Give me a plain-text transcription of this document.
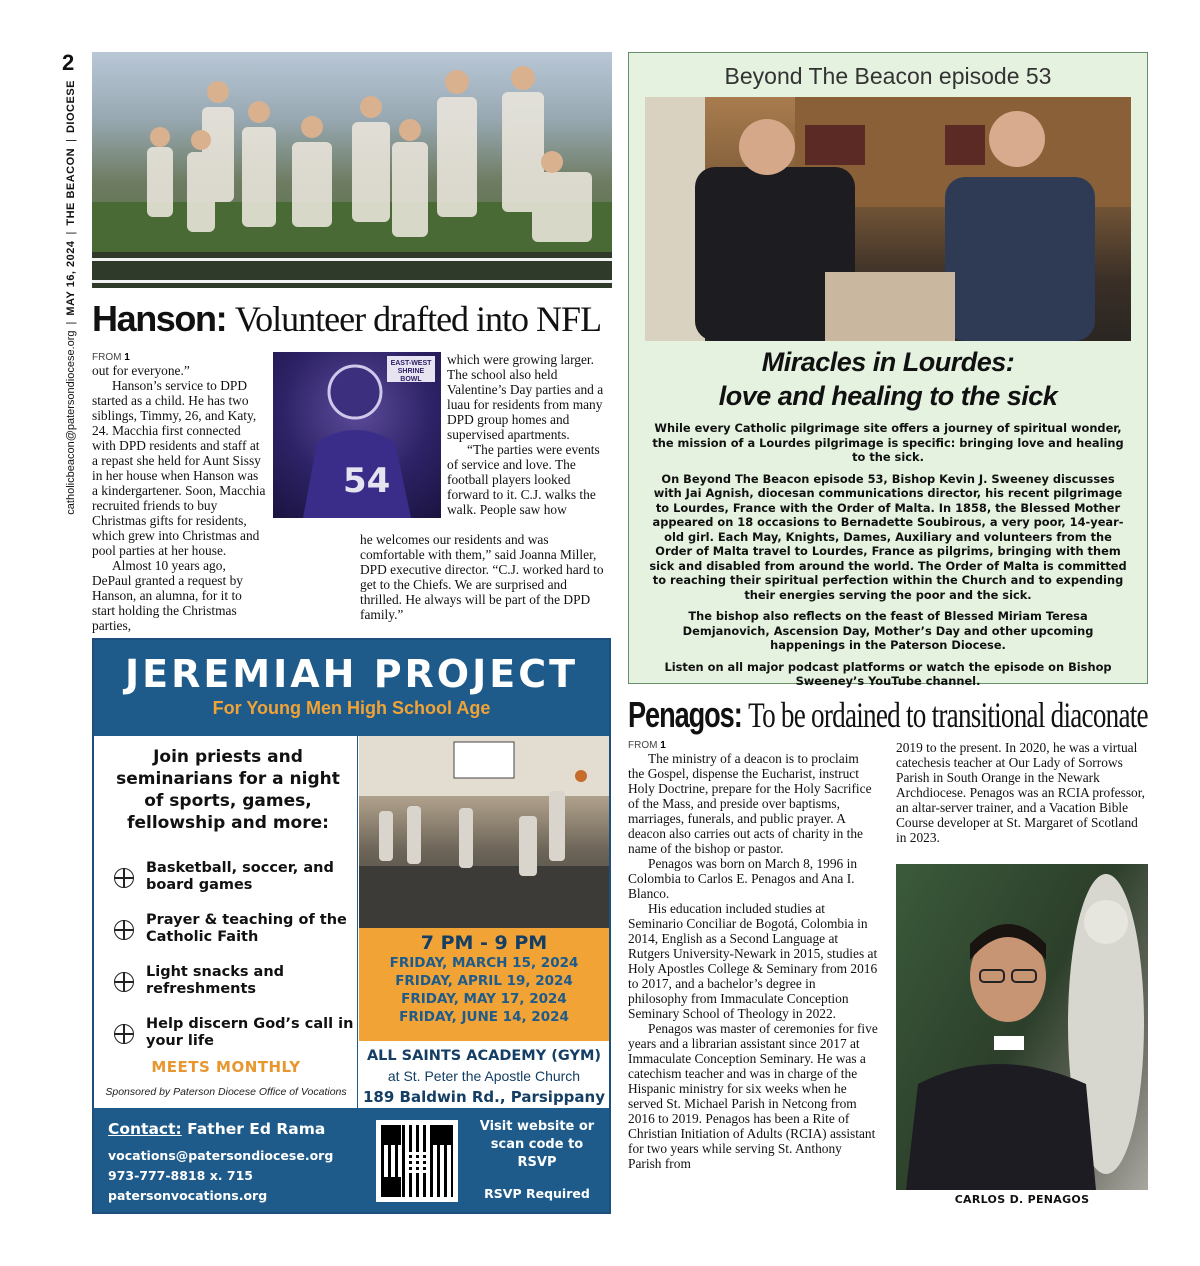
2
catholicbeacon@patersondiocese.org
|
MAY 16, 2024
|
THE BEACON
|
DIOCESE
Hanson: Volunteer drafted into NFL
FROM 1

out for everyone.”

Hanson’s service to DPD started as a child. He has two siblings, Timmy, 26, and Katy, 24. Macchia first connected with DPD residents and staff at a repast she held for Aunt Sissy in her house when Hanson was a kindergartener. Soon, Macchia recruited friends to buy Christmas gifts for residents, which grew into Christmas and pool parties at her house.

Almost 10 years ago, DePaul granted a request by Hanson, an alumna, for it to start holding the Christmas parties,

54
EAST-WEST SHRINE BOWL

which were growing larger. The school also held Valentine’s Day parties and a luau for residents from many DPD group homes and supervised apartments.

“The parties were events of service and love. The football players looked forward to it. C.J. walks the walk. People saw how

he welcomes our residents and was comfortable with them,” said Joanna Miller, DPD executive director. “C.J. worked hard to get to the Chiefs. We are surprised and thrilled. He always will be part of the DPD family.”

JEREMIAH PROJECT
For Young Men High School Age
Join priests and seminarians for a night of sports, games, fellowship and more:
Basketball, soccer, and board games
Prayer & teaching of the Catholic Faith
Light snacks and refreshments
Help discern God’s call in your life
MEETS MONTHLY
Sponsored by Paterson Diocese Office of Vocations
7 PM - 9 PM
FRIDAY, MARCH 15, 2024
FRIDAY, APRIL 19, 2024
FRIDAY, MAY 17, 2024
FRIDAY, JUNE 14, 2024
ALL SAINTS ACADEMY (GYM)
at St. Peter the Apostle Church
189 Baldwin Rd., Parsippany
Contact: Father Ed Rama
vocations@patersondiocese.org
973-777-8818 x. 715
patersonvocations.org
Visit website or scan code to RSVP
RSVP Required
Beyond The Beacon episode 53
Miracles in Lourdes:
love and healing to the sick

While every Catholic pilgrimage site offers a journey of spiritual wonder, the mission of a Lourdes pilgrimage is specific: bringing love and healing to the sick.

On Beyond The Beacon episode 53, Bishop Kevin J. Sweeney discusses with Jai Agnish, diocesan communications director, his recent pilgrimage to Lourdes, France with the Order of Malta. In 1858, the Blessed Mother appeared on 18 occasions to Bernadette Soubirous, a very poor, 14-year-old girl. Each May, Knights, Dames, Auxiliary and volunteers from the Order of Malta travel to Lourdes, France as pilgrims, bringing with them sick and disabled from around the world. The Order of Malta is committed to reaching their spiritual perfection within the Church and to expending their energies serving the poor and the sick.

The bishop also reflects on the feast of Blessed Miriam Teresa Demjanovich, Ascension Day, Mother’s Day and other upcoming happenings in the Paterson Diocese.

Listen on all major podcast platforms or watch the episode on Bishop Sweeney’s YouTube channel.

Penagos: To be ordained to transitional diaconate
FROM 1

The ministry of a deacon is to proclaim the Gospel, dispense the Eucharist, instruct Holy Doctrine, prepare for the Holy Sacrifice of the Mass, and preside over baptisms, marriages, funerals, and public prayer. A deacon also carries out acts of charity in the name of the bishop or pastor.

Penagos was born on March 8, 1996 in Colombia to Carlos E. Penagos and Ana I. Blanco.

His education included studies at Seminario Conciliar de Bogotá, Colombia in 2014, English as a Second Language at Rutgers University-Newark in 2015, studies at Holy Apostles College & Seminary from 2016 to 2017, and a bachelor’s degree in philosophy from Immaculate Conception Seminary School of Theology in 2022.

Penagos was master of ceremonies for five years and a librarian assistant since 2017 at Immaculate Conception Seminary. He was a catechism teacher and was in charge of the Hispanic ministry for six weeks when he served St. Michael Parish in Netcong from 2016 to 2019. Penagos has been a Rite of Christian Initiation of Adults (RCIA) assistant for two years while serving St. Anthony Parish from

2019 to the present. In 2020, he was a virtual catechesis teacher at Our Lady of Sorrows Parish in South Orange in the Newark Archdiocese. Penagos was an RCIA professor, an altar-server trainer, and a Vacation Bible Course developer at St. Margaret of Scotland in 2023.

CARLOS D. PENAGOS
